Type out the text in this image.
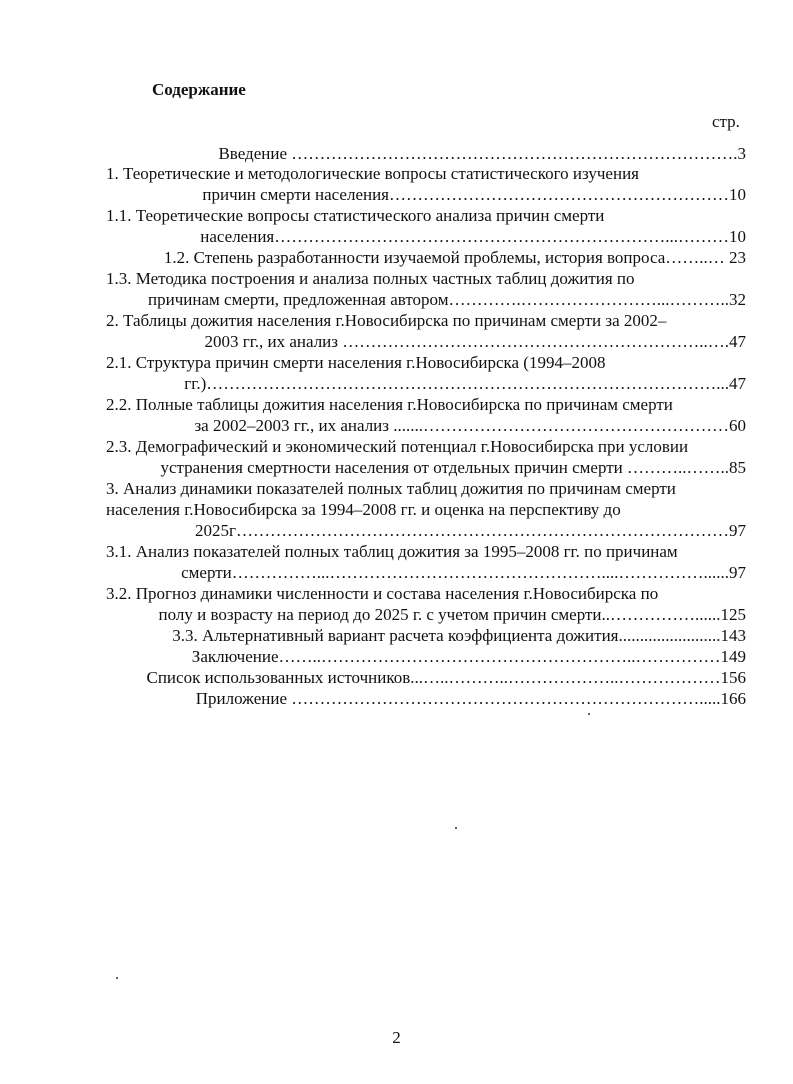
Содержание
стр.
Введение …………………………………………………………………….3
1. Теоретические и методологические вопросы статистического изучения
причин смерти населения……………………………………………………10
1.1. Теоретические вопросы статистического анализа причин смерти
населения……………………………………………………………...………10
1.2. Степень разработанности изучаемой проблемы, история вопроса……..… 23
1.3. Методика построения и анализа полных частных таблиц дожития по
причинам смерти, предложенная автором………….……………………...………..32
2. Таблицы дожития населения г.Новосибирска по причинам смерти за 2002–
2003 гг., их анализ ………………………………………………………..….47
2.1. Структура причин смерти населения г.Новосибирска (1994–2008
гг.)………………………………………………………………………………...47
2.2. Полные таблицы дожития населения г.Новосибирска по причинам смерти
за 2002–2003 гг., их анализ .......………………………………………………60
2.3. Демографический и экономический потенциал г.Новосибирска при условии
устранения смертности населения от отдельных причин смерти ………..……..85
3. Анализ динамики показателей полных таблиц дожития по причинам смерти
населения г.Новосибирска за 1994–2008 гг. и оценка на перспективу до
2025г……………………………………………………………………………97
3.1. Анализ показателей полных таблиц дожития за 1995–2008 гг. по причинам
смерти……………...…………………………………………....……………......97
3.2. Прогноз динамики численности и состава населения г.Новосибирска по
полу и возрасту на период до 2025 г. с учетом причин смерти..……………......125
3.3. Альтернативный вариант расчета коэффициента дожития........................143
Заключение……..………………………………………………..……………149
Список использованных источников...…..………..………………..………………156
Приложение ……………………………………………………………….....166
2
